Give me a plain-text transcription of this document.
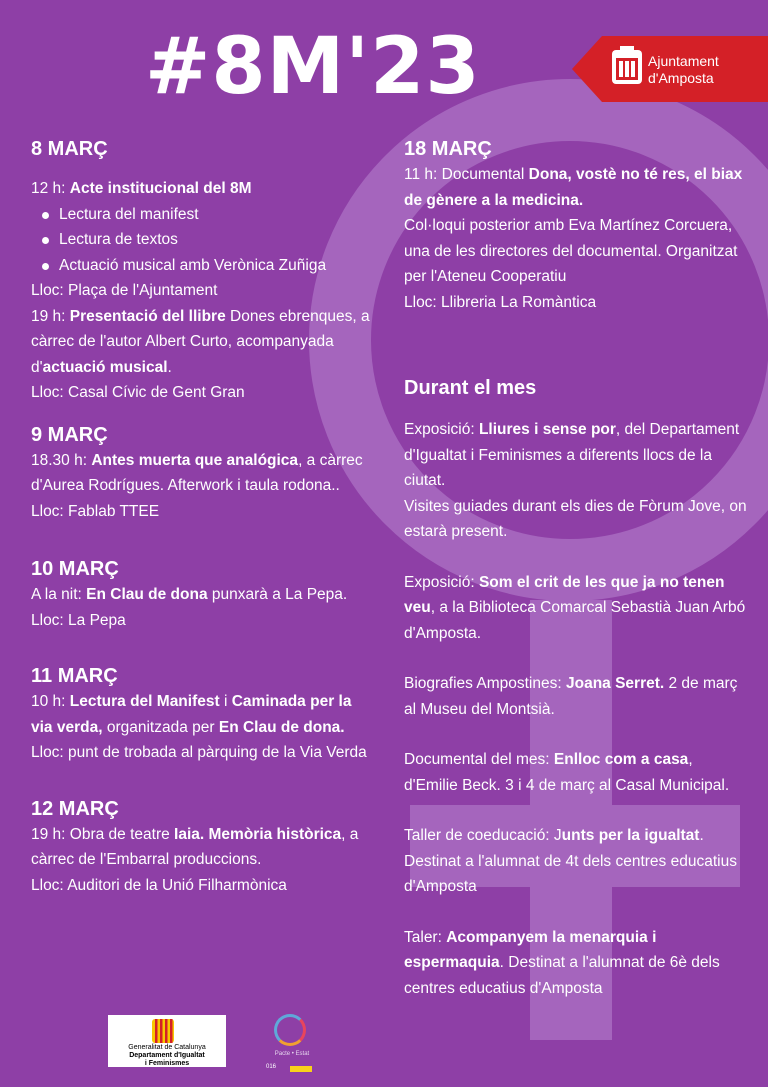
#8M'23	Ajuntament
d'Amposta
8 MARÇ
12 h: Acte institucional del 8M
Lectura del manifest
Lectura de textos
Actuació musical amb Verònica Zuñiga
Lloc: Plaça de l'Ajuntament
19 h: Presentació del llibre Dones ebrenques, a càrrec de l'autor Albert Curto, acompanyada d'actuació musical.
Lloc: Casal Cívic de Gent Gran
9 MARÇ
18.30 h: Antes muerta que analógica, a càrrec d'Aurea Rodrígues. Afterwork i taula rodona..
Lloc: Fablab TTEE
10 MARÇ
A la nit: En Clau de dona punxarà a La Pepa.
Lloc: La Pepa
11 MARÇ
10 h: Lectura del Manifest i Caminada per la via verda, organitzada per En Clau de dona.
Lloc: punt de trobada al pàrquing de la Via Verda
12 MARÇ
19 h: Obra de teatre Iaia. Memòria històrica, a càrrec de l'Embarral produccions.
Lloc: Auditori de la Unió Filharmònica
18 MARÇ
11 h: Documental Dona, vostè no té res, el biax de gènere a la medicina.
Col·loqui posterior amb Eva Martínez Corcuera, una de les directores del documental. Organitzat per l'Ateneu Cooperatiu
Lloc: Llibreria La Romàntica
Durant el mes
Exposició: Lliures i sense por, del Departament d'Igualtat i Feminismes a diferents llocs de la ciutat.
Visites guiades durant els dies de Fòrum Jove, on estarà present.
Exposició: Som el crit de les que ja no tenen veu, a la Biblioteca Comarcal Sebastià Juan Arbó d'Amposta.
Biografies Ampostines: Joana Serret. 2 de març al Museu del Montsià.
Documental del mes: Enlloc com a casa, d'Emilie Beck. 3 i 4 de març al Casal Municipal.
Taller de coeducació: Junts per la igualtat. Destinat a l'alumnat de 4t dels centres educatius d'Amposta
Taler: Acompanyem la menarquia i espermaquia. Destinat a l'alumnat de 6è dels centres educatius d'Amposta
Generalitat de Catalunya
Departament d'Igualtat
i Feminismes
Pacte • Estat
016
